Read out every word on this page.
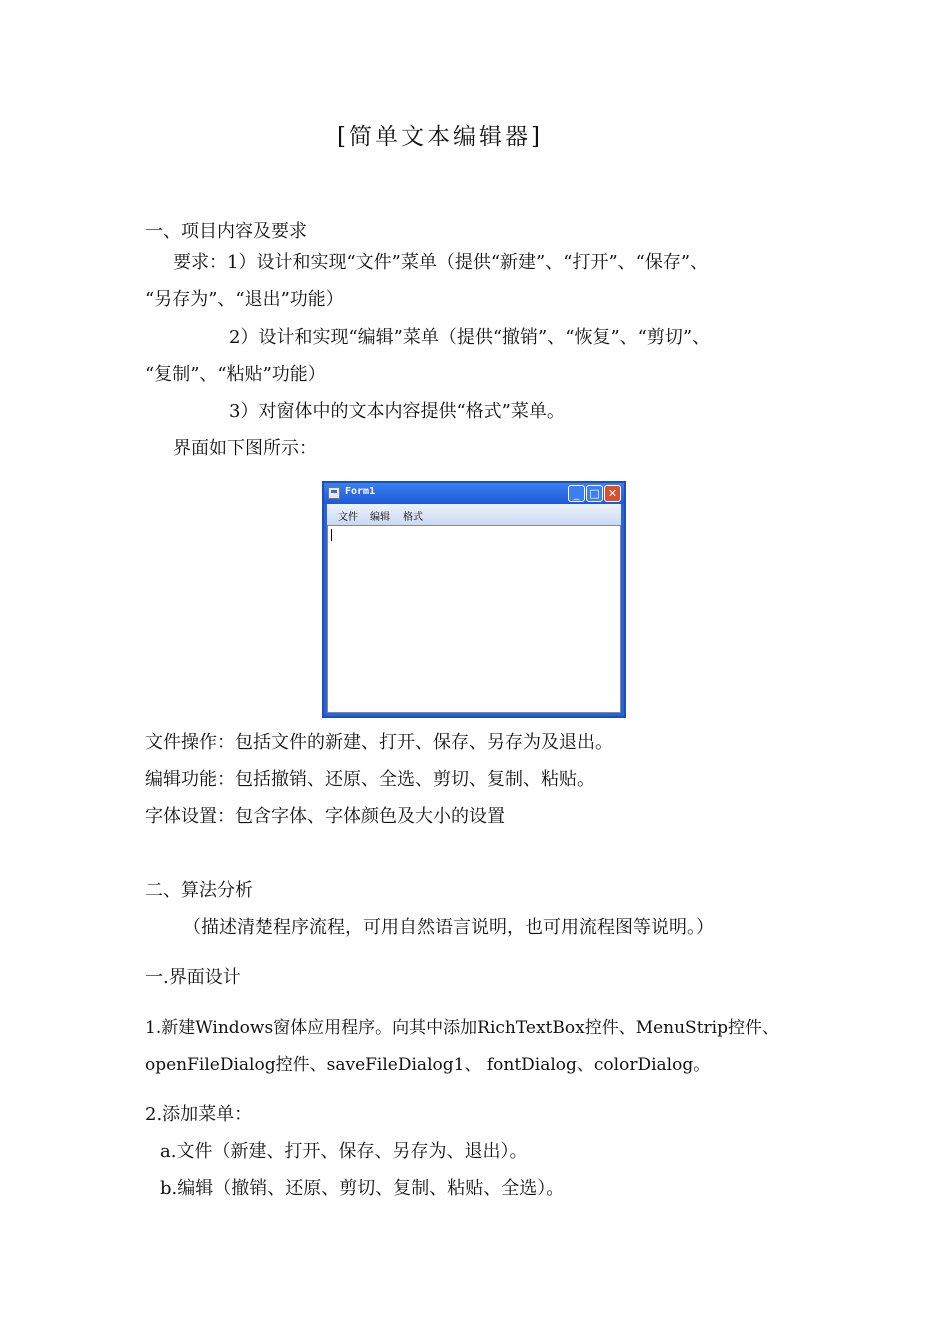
[简单文本编辑器]
一、项目内容及要求
要求：1）设计和实现“文件”菜单（提供“新建”、“打开”、“保存”、
“另存为”、“退出”功能）
2）设计和实现“编辑”菜单（提供“撤销”、“恢复”、“剪切”、
“复制”、“粘贴”功能）
3）对窗体中的文本内容提供“格式”菜单。
界面如下图所示：
Form1	_ □ ✕
文件 编辑 格式
文件操作：包括文件的新建、打开、保存、另存为及退出。
编辑功能：包括撤销、还原、全选、剪切、复制、粘贴。
字体设置：包含字体、字体颜色及大小的设置
二、算法分析
（描述清楚程序流程，可用自然语言说明，也可用流程图等说明。）
一.界面设计
1.新建Windows窗体应用程序。向其中添加RichTextBox控件、MenuStrip控件、
openFileDialog控件、saveFileDialog1、 fontDialog、colorDialog。
2.添加菜单：
a.文件（新建、打开、保存、另存为、退出）。
b.编辑（撤销、还原、剪切、复制、粘贴、全选）。
